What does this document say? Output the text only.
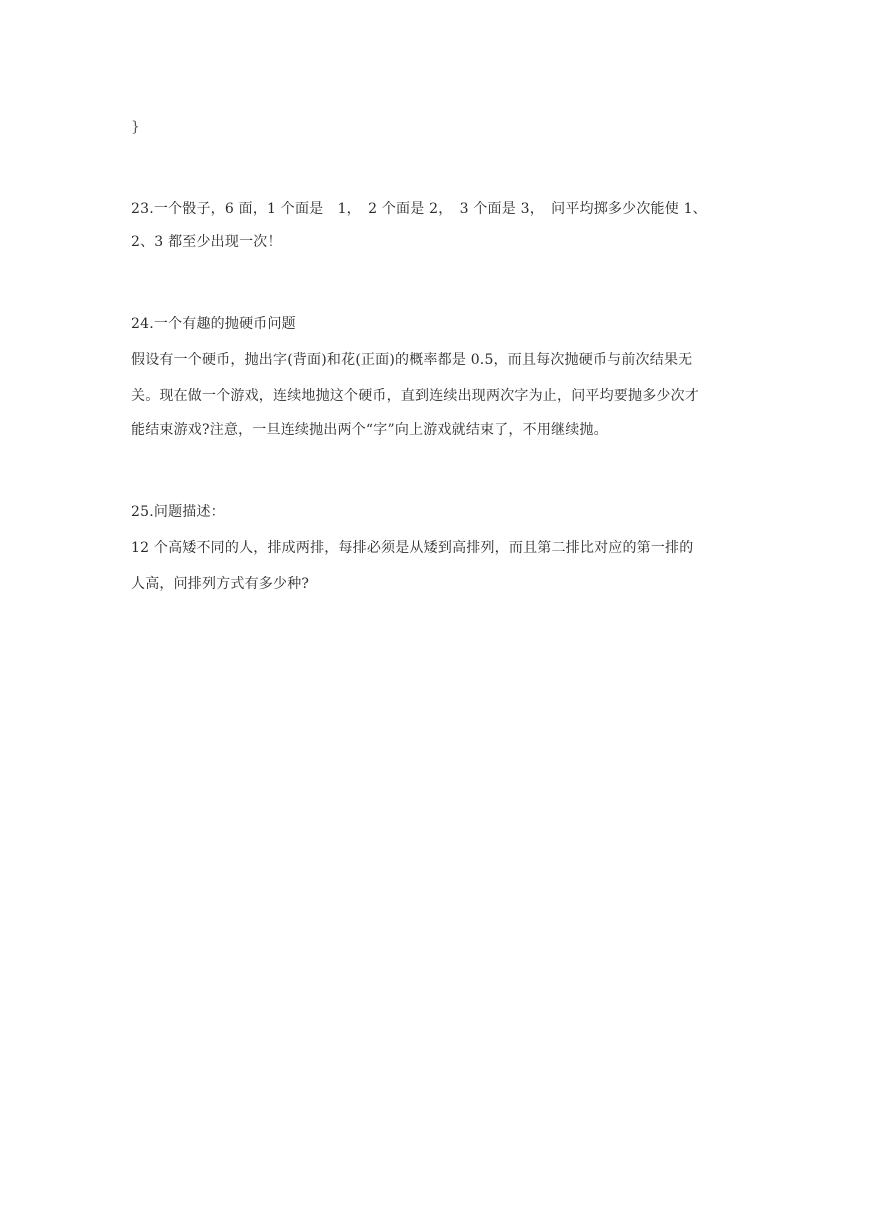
}
23.一个骰子，6 面，1 个面是　1，　2 个面是 2，　3 个面是 3，　问平均掷多少次能使 1、
2、3 都至少出现一次！
24.一个有趣的抛硬币问题
假设有一个硬币，抛出字(背面)和花(正面)的概率都是 0.5，而且每次抛硬币与前次结果无
关。现在做一个游戏，连续地抛这个硬币，直到连续出现两次字为止，问平均要抛多少次才
能结束游戏?注意，一旦连续抛出两个“字”向上游戏就结束了，不用继续抛。
25.问题描述：
12 个高矮不同的人，排成两排，每排必须是从矮到高排列，而且第二排比对应的第一排的
人高，问排列方式有多少种?
